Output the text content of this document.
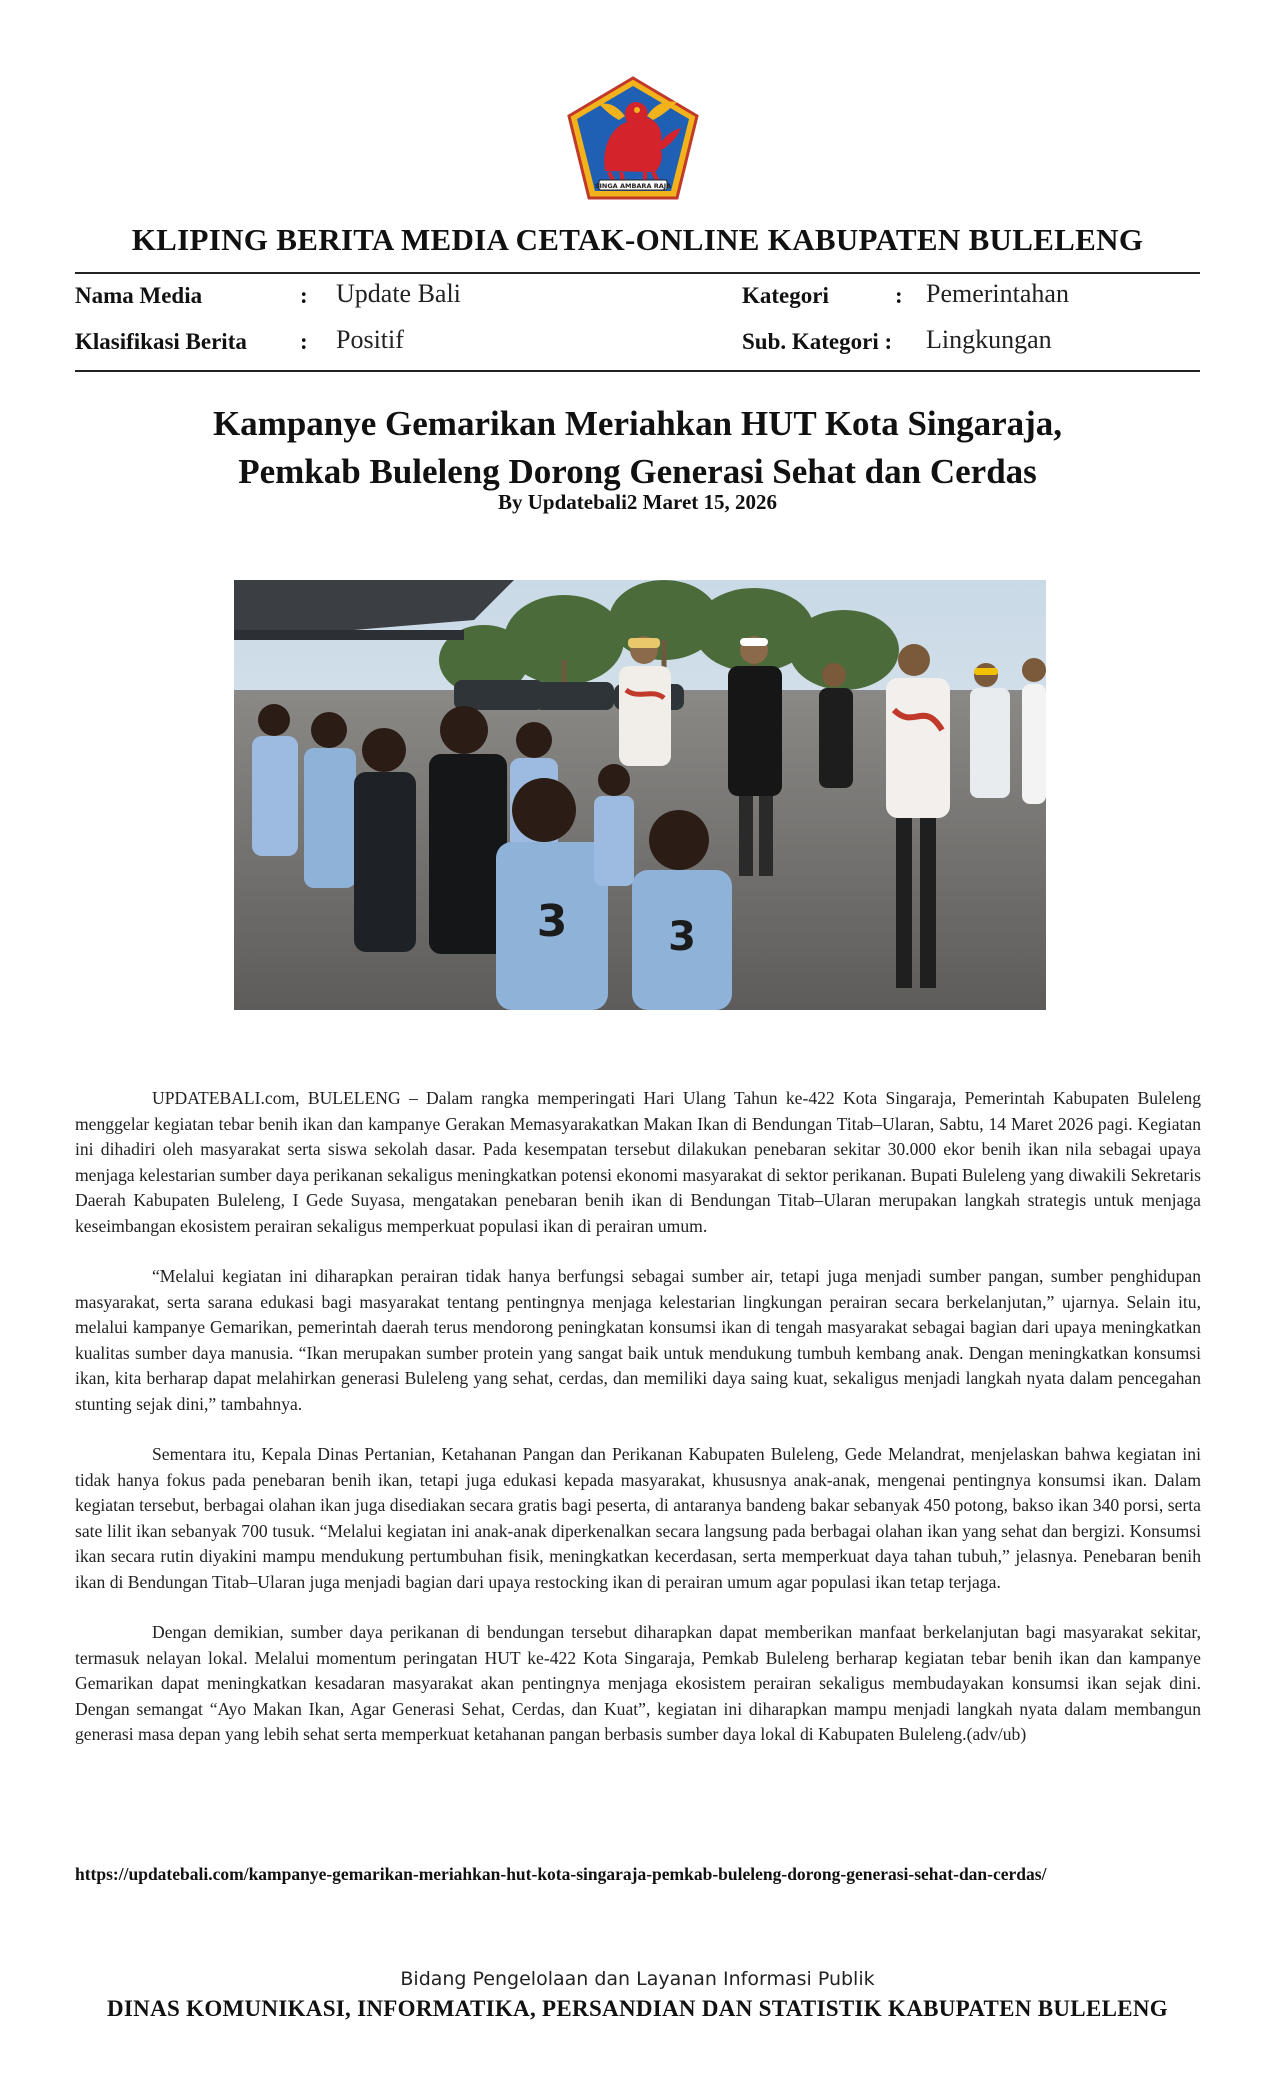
SINGA AMBARA RAJA
KLIPING BERITA MEDIA CETAK-ONLINE KABUPATEN BULELENG
Nama Media	: Update Bali	Kategori	: Pemerintahan
Klasifikasi Berita : Positif	Sub. Kategori : Lingkungan
Kampanye Gemarikan Meriahkan HUT Kota Singaraja,
Pemkab Buleleng Dorong Generasi Sehat dan Cerdas
By Updatebali2 Maret 15, 2026
3	3

UPDATEBALI.com, BULELENG – Dalam rangka memperingati Hari Ulang Tahun ke-422 Kota Singaraja, Pemerintah Kabupaten Buleleng menggelar kegiatan tebar benih ikan dan kampanye Gerakan Memasyarakatkan Makan Ikan di Bendungan Titab–Ularan, Sabtu, 14 Maret 2026 pagi. Kegiatan ini dihadiri oleh masyarakat serta siswa sekolah dasar. Pada kesempatan tersebut dilakukan penebaran sekitar 30.000 ekor benih ikan nila sebagai upaya menjaga kelestarian sumber daya perikanan sekaligus meningkatkan potensi ekonomi masyarakat di sektor perikanan. Bupati Buleleng yang diwakili Sekretaris Daerah Kabupaten Buleleng, I Gede Suyasa, mengatakan penebaran benih ikan di Bendungan Titab–Ularan merupakan langkah strategis untuk menjaga keseimbangan ekosistem perairan sekaligus memperkuat populasi ikan di perairan umum.

“Melalui kegiatan ini diharapkan perairan tidak hanya berfungsi sebagai sumber air, tetapi juga menjadi sumber pangan, sumber penghidupan masyarakat, serta sarana edukasi bagi masyarakat tentang pentingnya menjaga kelestarian lingkungan perairan secara berkelanjutan,” ujarnya. Selain itu, melalui kampanye Gemarikan, pemerintah daerah terus mendorong peningkatan konsumsi ikan di tengah masyarakat sebagai bagian dari upaya meningkatkan kualitas sumber daya manusia. “Ikan merupakan sumber protein yang sangat baik untuk mendukung tumbuh kembang anak. Dengan meningkatkan konsumsi ikan, kita berharap dapat melahirkan generasi Buleleng yang sehat, cerdas, dan memiliki daya saing kuat, sekaligus menjadi langkah nyata dalam pencegahan stunting sejak dini,” tambahnya.

Sementara itu, Kepala Dinas Pertanian, Ketahanan Pangan dan Perikanan Kabupaten Buleleng, Gede Melandrat, menjelaskan bahwa kegiatan ini tidak hanya fokus pada penebaran benih ikan, tetapi juga edukasi kepada masyarakat, khususnya anak-anak, mengenai pentingnya konsumsi ikan. Dalam kegiatan tersebut, berbagai olahan ikan juga disediakan secara gratis bagi peserta, di antaranya bandeng bakar sebanyak 450 potong, bakso ikan 340 porsi, serta sate lilit ikan sebanyak 700 tusuk. “Melalui kegiatan ini anak-anak diperkenalkan secara langsung pada berbagai olahan ikan yang sehat dan bergizi. Konsumsi ikan secara rutin diyakini mampu mendukung pertumbuhan fisik, meningkatkan kecerdasan, serta memperkuat daya tahan tubuh,” jelasnya. Penebaran benih ikan di Bendungan Titab–Ularan juga menjadi bagian dari upaya restocking ikan di perairan umum agar populasi ikan tetap terjaga.

Dengan demikian, sumber daya perikanan di bendungan tersebut diharapkan dapat memberikan manfaat berkelanjutan bagi masyarakat sekitar, termasuk nelayan lokal. Melalui momentum peringatan HUT ke-422 Kota Singaraja, Pemkab Buleleng berharap kegiatan tebar benih ikan dan kampanye Gemarikan dapat meningkatkan kesadaran masyarakat akan pentingnya menjaga ekosistem perairan sekaligus membudayakan konsumsi ikan sejak dini. Dengan semangat “Ayo Makan Ikan, Agar Generasi Sehat, Cerdas, dan Kuat”, kegiatan ini diharapkan mampu menjadi langkah nyata dalam membangun generasi masa depan yang lebih sehat serta memperkuat ketahanan pangan berbasis sumber daya lokal di Kabupaten Buleleng.(adv/ub)

https://updatebali.com/kampanye-gemarikan-meriahkan-hut-kota-singaraja-pemkab-buleleng-dorong-generasi-sehat-dan-cerdas/
Bidang Pengelolaan dan Layanan Informasi Publik
DINAS KOMUNIKASI, INFORMATIKA, PERSANDIAN DAN STATISTIK KABUPATEN BULELENG
